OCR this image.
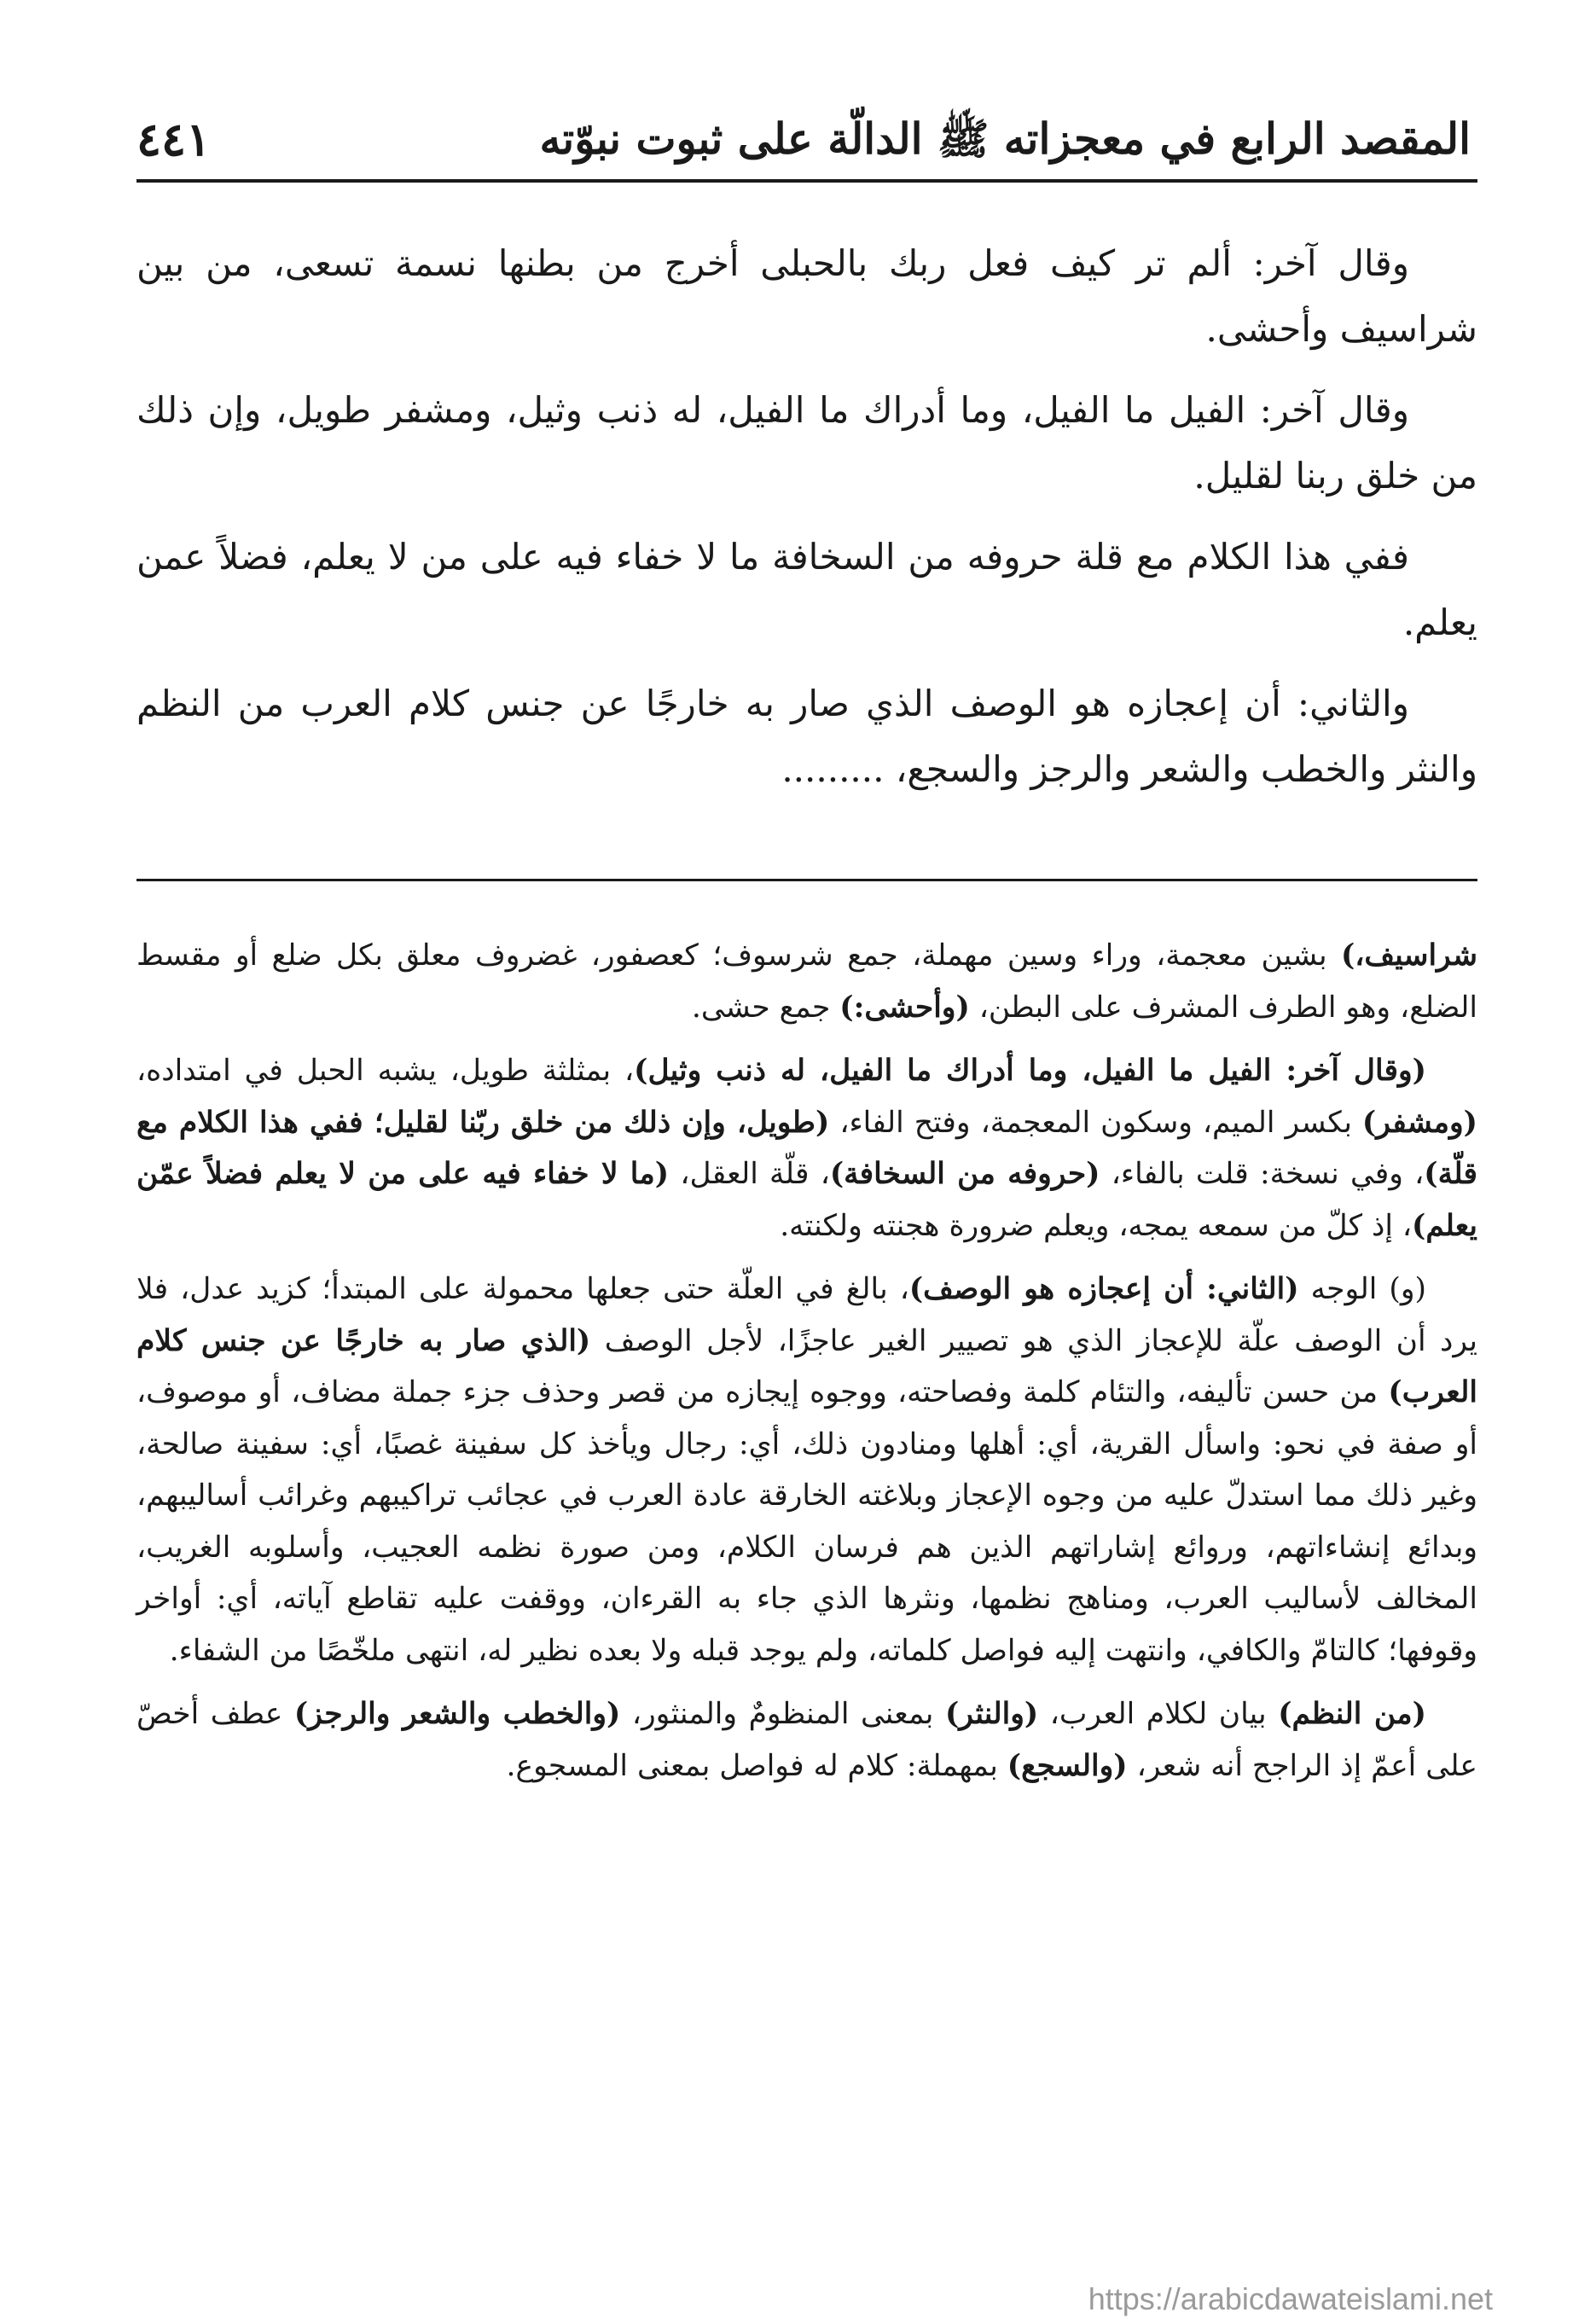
المقصد الرابع في معجزاته ﷺ الدالّة على ثبوت نبوّته
٤٤١

وقال آخر: ألم تر كيف فعل ربك بالحبلى أخرج من بطنها نسمة تسعى، من بين شراسيف وأحشى.

وقال آخر: الفيل ما الفيل، وما أدراك ما الفيل، له ذنب وثيل، ومشفر طويل، وإن ذلك من خلق ربنا لقليل.

ففي هذا الكلام مع قلة حروفه من السخافة ما لا خفاء فيه على من لا يعلم، فضلاً عمن يعلم.

والثاني: أن إعجازه هو الوصف الذي صار به خارجًا عن جنس كلام العرب من النظم والنثر والخطب والشعر والرجز والسجع، .........

شراسيف،) بشين معجمة، وراء وسين مهملة، جمع شرسوف؛ كعصفور، غضروف معلق بكل ضلع أو مقسط الضلع، وهو الطرف المشرف على البطن، (وأحشى:) جمع حشى.

(وقال آخر: الفيل ما الفيل، وما أدراك ما الفيل، له ذنب وثيل)، بمثلثة طويل، يشبه الحبل في امتداده، (ومشفر) بكسر الميم، وسكون المعجمة، وفتح الفاء، (طويل، وإن ذلك من خلق ربّنا لقليل؛ ففي هذا الكلام مع قلّة)، وفي نسخة: قلت بالفاء، (حروفه من السخافة)، قلّة العقل، (ما لا خفاء فيه على من لا يعلم فضلاً عمّن يعلم)، إذ كلّ من سمعه يمجه، ويعلم ضرورة هجنته ولكنته.

(و) الوجه (الثاني: أن إعجازه هو الوصف)، بالغ في العلّة حتى جعلها محمولة على المبتدأ؛ كزيد عدل، فلا يرد أن الوصف علّة للإعجاز الذي هو تصيير الغير عاجزًا، لأجل الوصف (الذي صار به خارجًا عن جنس كلام العرب) من حسن تأليفه، والتئام كلمة وفصاحته، ووجوه إيجازه من قصر وحذف جزء جملة مضاف، أو موصوف، أو صفة في نحو: واسأل القرية، أي: أهلها ومنادون ذلك، أي: رجال ويأخذ كل سفينة غصبًا، أي: سفينة صالحة، وغير ذلك مما استدلّ عليه من وجوه الإعجاز وبلاغته الخارقة عادة العرب في عجائب تراكيبهم وغرائب أساليبهم، وبدائع إنشاءاتهم، وروائع إشاراتهم الذين هم فرسان الكلام، ومن صورة نظمه العجيب، وأسلوبه الغريب، المخالف لأساليب العرب، ومناهج نظمها، ونثرها الذي جاء به القرءان، ووقفت عليه تقاطع آياته، أي: أواخر وقوفها؛ كالتامّ والكافي، وانتهت إليه فواصل كلماته، ولم يوجد قبله ولا بعده نظير له، انتهى ملخّصًا من الشفاء.

(من النظم) بيان لكلام العرب، (والنثر) بمعنى المنظومٌ والمنثور، (والخطب والشعر والرجز) عطف أخصّ على أعمّ إذ الراجح أنه شعر، (والسجع) بمهملة: كلام له فواصل بمعنى المسجوع.

https://arabicdawateislami.net
